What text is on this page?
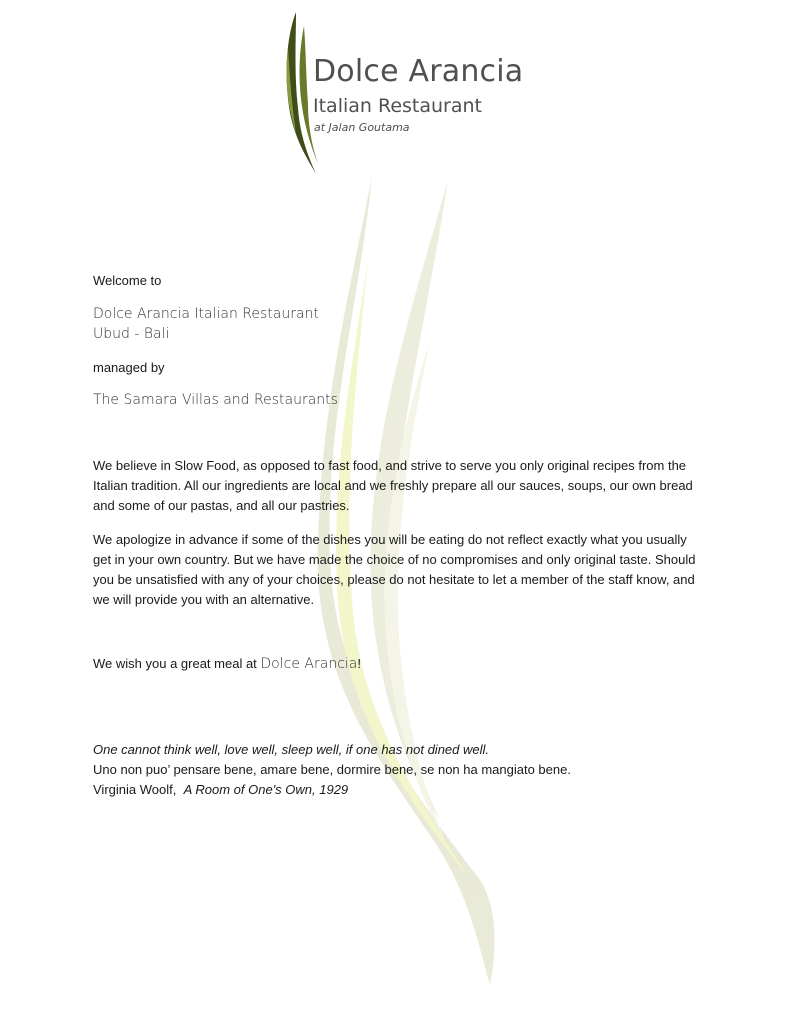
Dolce Arancia
Italian Restaurant
at Jalan Goutama
Welcome to
Dolce Arancia Italian Restaurant
Ubud - Bali
managed by
The Samara Villas and Restaurants

We believe in Slow Food, as opposed to fast food, and strive to serve you only original recipes from the Italian tradition. All our ingredients are local and we freshly prepare all our sauces, soups, our own bread and some of our pastas, and all our pastries.

We apologize in advance if some of the dishes you will be eating do not reflect exactly what you usually get in your own country. But we have made the choice of no compromises and only original taste. Should you be unsatisfied with any of your choices, please do not hesitate to let a member of the staff know, and we will provide you with an alternative.

We wish you a great meal at Dolce Arancia!
One cannot think well, love well, sleep well, if one has not dined well.
Uno non puo’ pensare bene, amare bene, dormire bene, se non ha mangiato bene.
Virginia Woolf, A Room of One's Own, 1929
